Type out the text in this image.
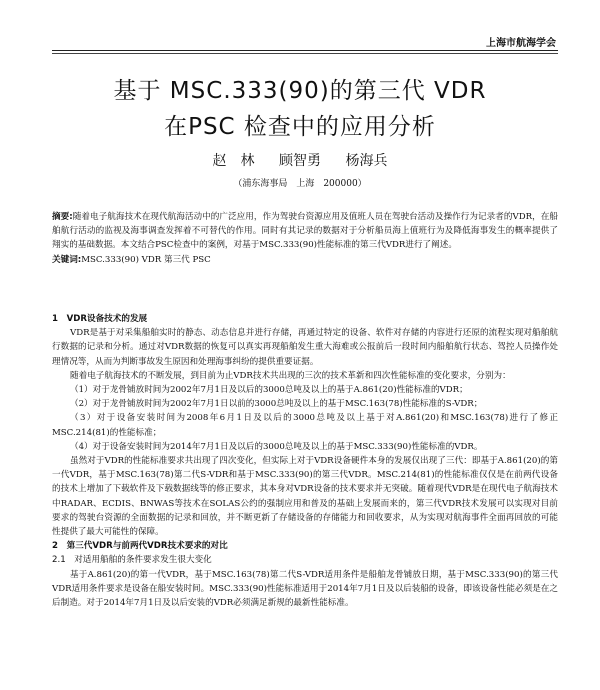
上海市航海学会
基于 MSC.333(90)的第三代 VDR
在PSC 检查中的应用分析
赵　林 顾智勇 杨海兵
（浦东海事局　上海　200000）

摘要:随着电子航海技术在现代航海活动中的广泛应用，作为驾驶台资源应用及值班人员在驾驶台活动及操作行为记录者的VDR，在船舶航行活动的监视及海事调查发挥着不可替代的作用。同时有其记录的数据对于分析船员海上值班行为及降低海事发生的概率提供了翔实的基础数据。本文结合PSC检查中的案例，对基于MSC.333(90)性能标准的第三代VDR进行了阐述。

关键词:MSC.333(90) VDR 第三代 PSC

1　VDR设备技术的发展

VDR是基于对采集船舶实时的静态、动态信息并进行存储，再通过特定的设备、软件对存储的内容进行还原的流程实现对船舶航行数据的记录和分析。通过对VDR数据的恢复可以真实再现船舶发生重大海难或公报前后一段时间内船舶航行状态、驾控人员操作处理情况等，从而为判断事故发生原因和处理海事纠纷的提供重要证据。

随着电子航海技术的不断发展，到目前为止VDR技术共出现的三次的技术革新和四次性能标准的变化要求，分别为：

（1）对于龙骨铺放时间为2002年7月1日及以后的3000总吨及以上的基于A.861(20)性能标准的VDR；

（2）对于龙骨铺放时间为2002年7月1日以前的3000总吨及以上的基于MSC.163(78)性能标准的S-VDR；

（3）对于设备安装时间为2008年6月1日及以后的3000总吨及以上基于对A.861(20)和MSC.163(78)进行了修正MSC.214(81)的性能标准；

（4）对于设备安装时间为2014年7月1日及以后的3000总吨及以上的基于MSC.333(90)性能标准的VDR。

虽然对于VDR的性能标准要求共出现了四次变化，但实际上对于VDR设备硬件本身的发展仅出现了三代：即基于A.861(20)的第一代VDR，基于MSC.163(78)第二代S-VDR和基于MSC.333(90)的第三代VDR。MSC.214(81)的性能标准仅仅是在前两代设备的技术上增加了下载软件及下载数据线等的修正要求，其本身对VDR设备的技术要求并无突破。随着现代VDR是在现代电子航海技术中RADAR、ECDIS、BNWAS等技术在SOLAS公约的强制应用和普及的基础上发展而来的，第三代VDR技术发展可以实现对目前要求的驾驶台资源的全面数据的记录和回放，并不断更新了存储设备的存储能力和回收要求，从为实现对航海事件全面再回放的可能性提供了最大可能性的保障。

2　第三代VDR与前两代VDR技术要求的对比

2.1　对适用船舶的条件要求发生很大变化

基于A.861(20)的第一代VDR，基于MSC.163(78)第二代S-VDR适用条件是船舶龙骨铺放日期，基于MSC.333(90)的第三代VDR适用条件要求是设备在船安装时间。MSC.333(90)性能标准适用于2014年7月1日及以后装船的设备，即该设备性能必须是在之后制造。对于2014年7月1日及以后安装的VDR必须满足新规的最新性能标准。
